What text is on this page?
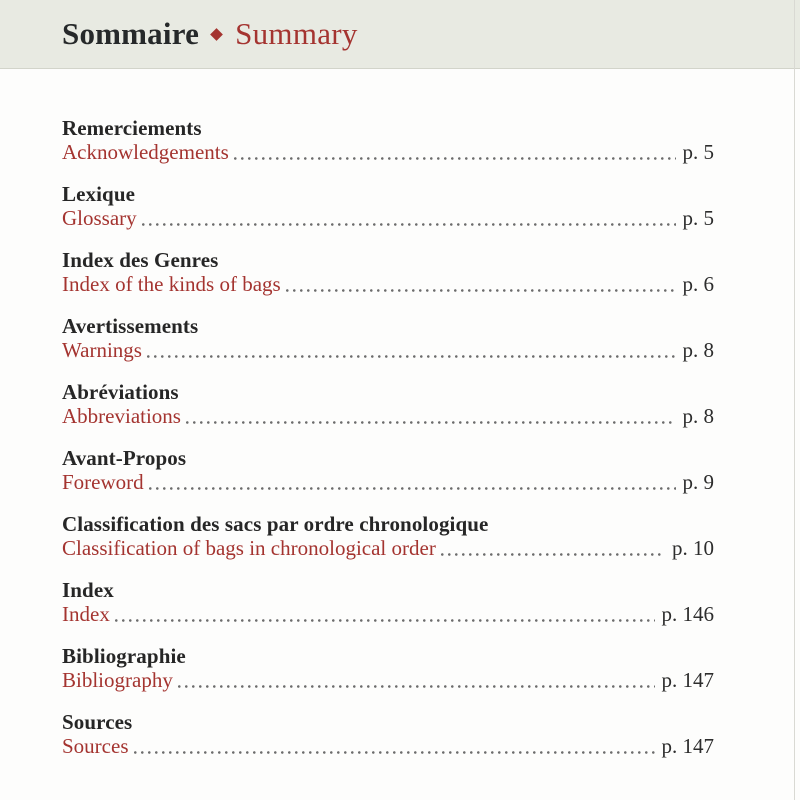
Sommaire Summary
Remerciements
Acknowledgements	p. 5
Lexique
Glossary	p. 5
Index des Genres
Index of the kinds of bags	p. 6
Avertissements
Warnings	p. 8
Abréviations
Abbreviations	p. 8
Avant-Propos
Foreword	p. 9
Classification des sacs par ordre chronologique
Classification of bags in chronological order	p. 10
Index
Index	p. 146
Bibliographie
Bibliography	p. 147
Sources
Sources	p. 147
